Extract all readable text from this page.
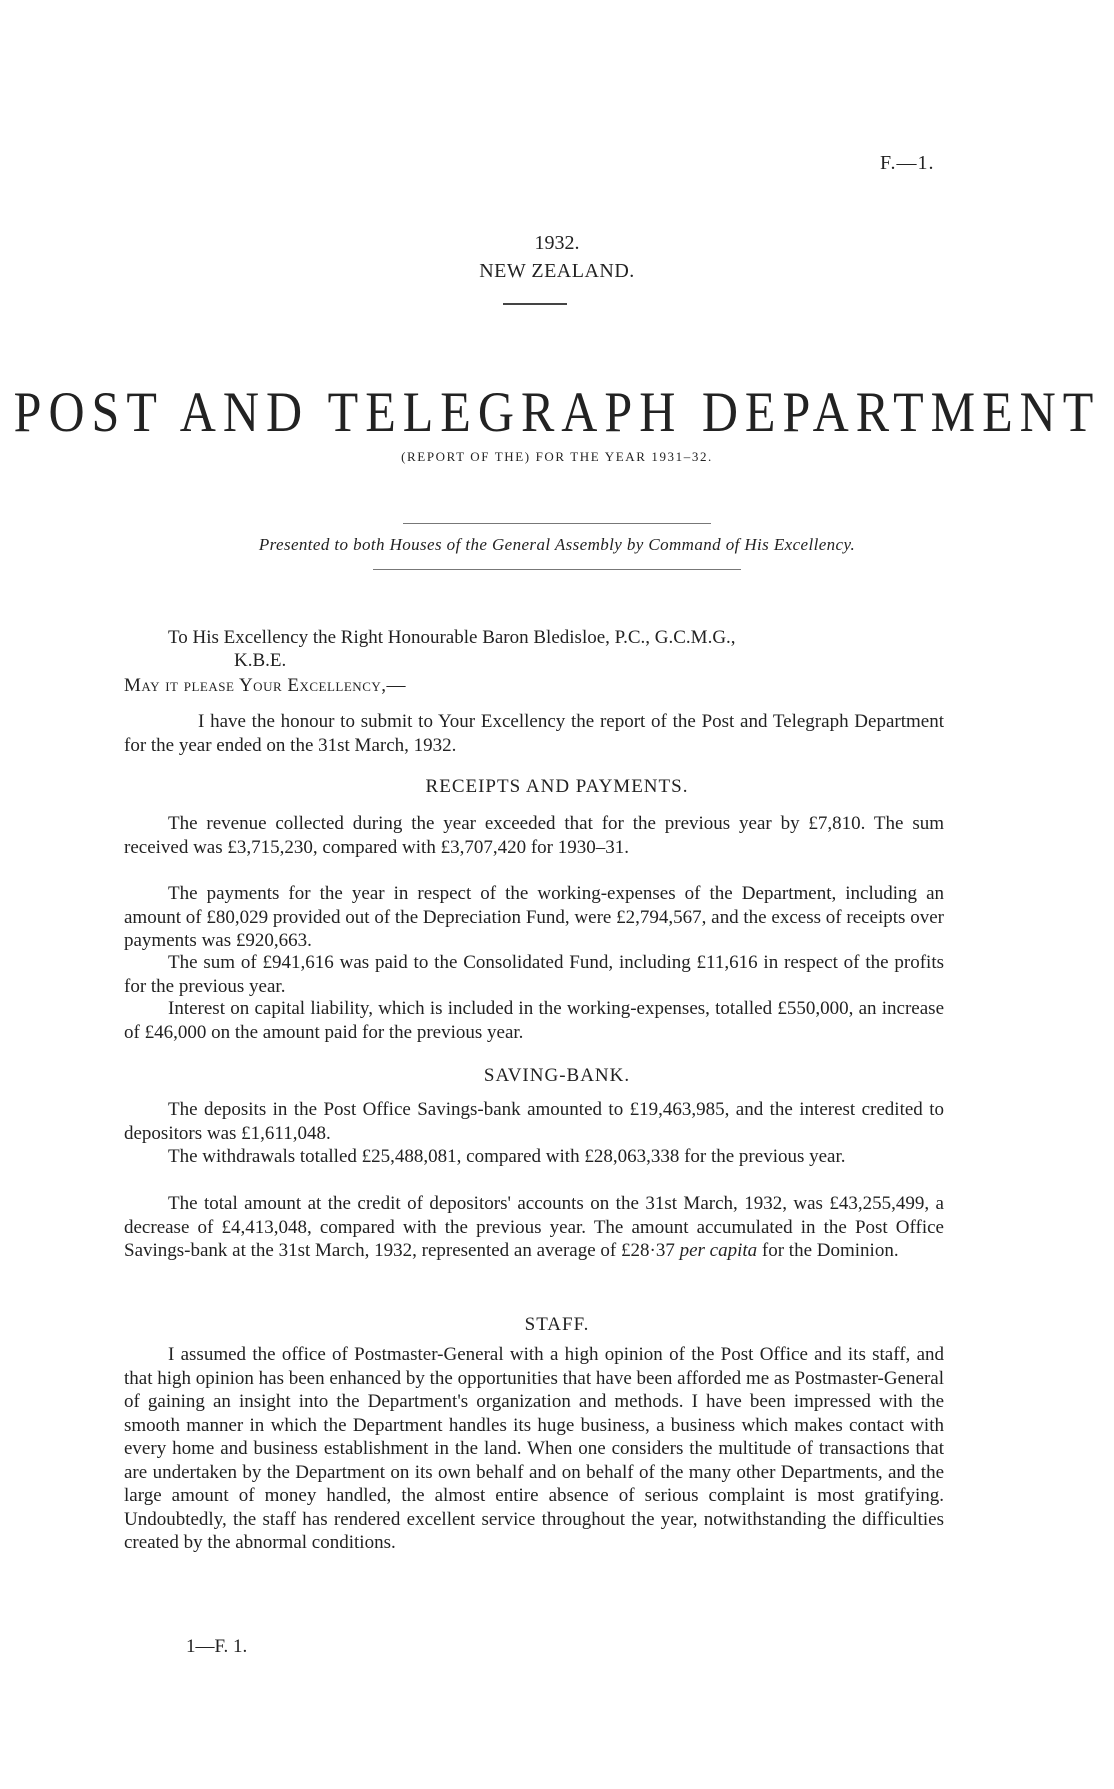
F.—1.
1932.
NEW ZEALAND.
POST AND TELEGRAPH DEPARTMENT
(REPORT OF THE) FOR THE YEAR 1931–32.
Presented to both Houses of the General Assembly by Command of His Excellency.
To His Excellency the Right Honourable Baron Bledisloe, P.C., G.C.M.G.,
K.B.E.
May it please Your Excellency,—
I have the honour to submit to Your Excellency the report of the Post and Telegraph Department for the year ended on the 31st March, 1932.
RECEIPTS AND PAYMENTS.
The revenue collected during the year exceeded that for the previous year by £7,810. The sum received was £3,715,230, compared with £3,707,420 for 1930–31.
The payments for the year in respect of the working-expenses of the Department, including an amount of £80,029 provided out of the Depreciation Fund, were £2,794,567, and the excess of receipts over payments was £920,663.
The sum of £941,616 was paid to the Consolidated Fund, including £11,616 in respect of the profits for the previous year.
Interest on capital liability, which is included in the working-expenses, totalled £550,000, an increase of £46,000 on the amount paid for the previous year.
SAVING-BANK.
The deposits in the Post Office Savings-bank amounted to £19,463,985, and the interest credited to depositors was £1,611,048.
The withdrawals totalled £25,488,081, compared with £28,063,338 for the previous year.
The total amount at the credit of depositors' accounts on the 31st March, 1932, was £43,255,499, a decrease of £4,413,048, compared with the previous year. The amount accumulated in the Post Office Savings-bank at the 31st March, 1932, represented an average of £28·37 per capita for the Dominion.
STAFF.
I assumed the office of Postmaster-General with a high opinion of the Post Office and its staff, and that high opinion has been enhanced by the opportunities that have been afforded me as Postmaster-General of gaining an insight into the Department's organization and methods. I have been impressed with the smooth manner in which the Department handles its huge business, a business which makes contact with every home and business establishment in the land. When one considers the multitude of transactions that are undertaken by the Department on its own behalf and on behalf of the many other Departments, and the large amount of money handled, the almost entire absence of serious complaint is most gratifying. Undoubtedly, the staff has rendered excellent service throughout the year, notwithstanding the difficulties created by the abnormal conditions.
1—F. 1.
